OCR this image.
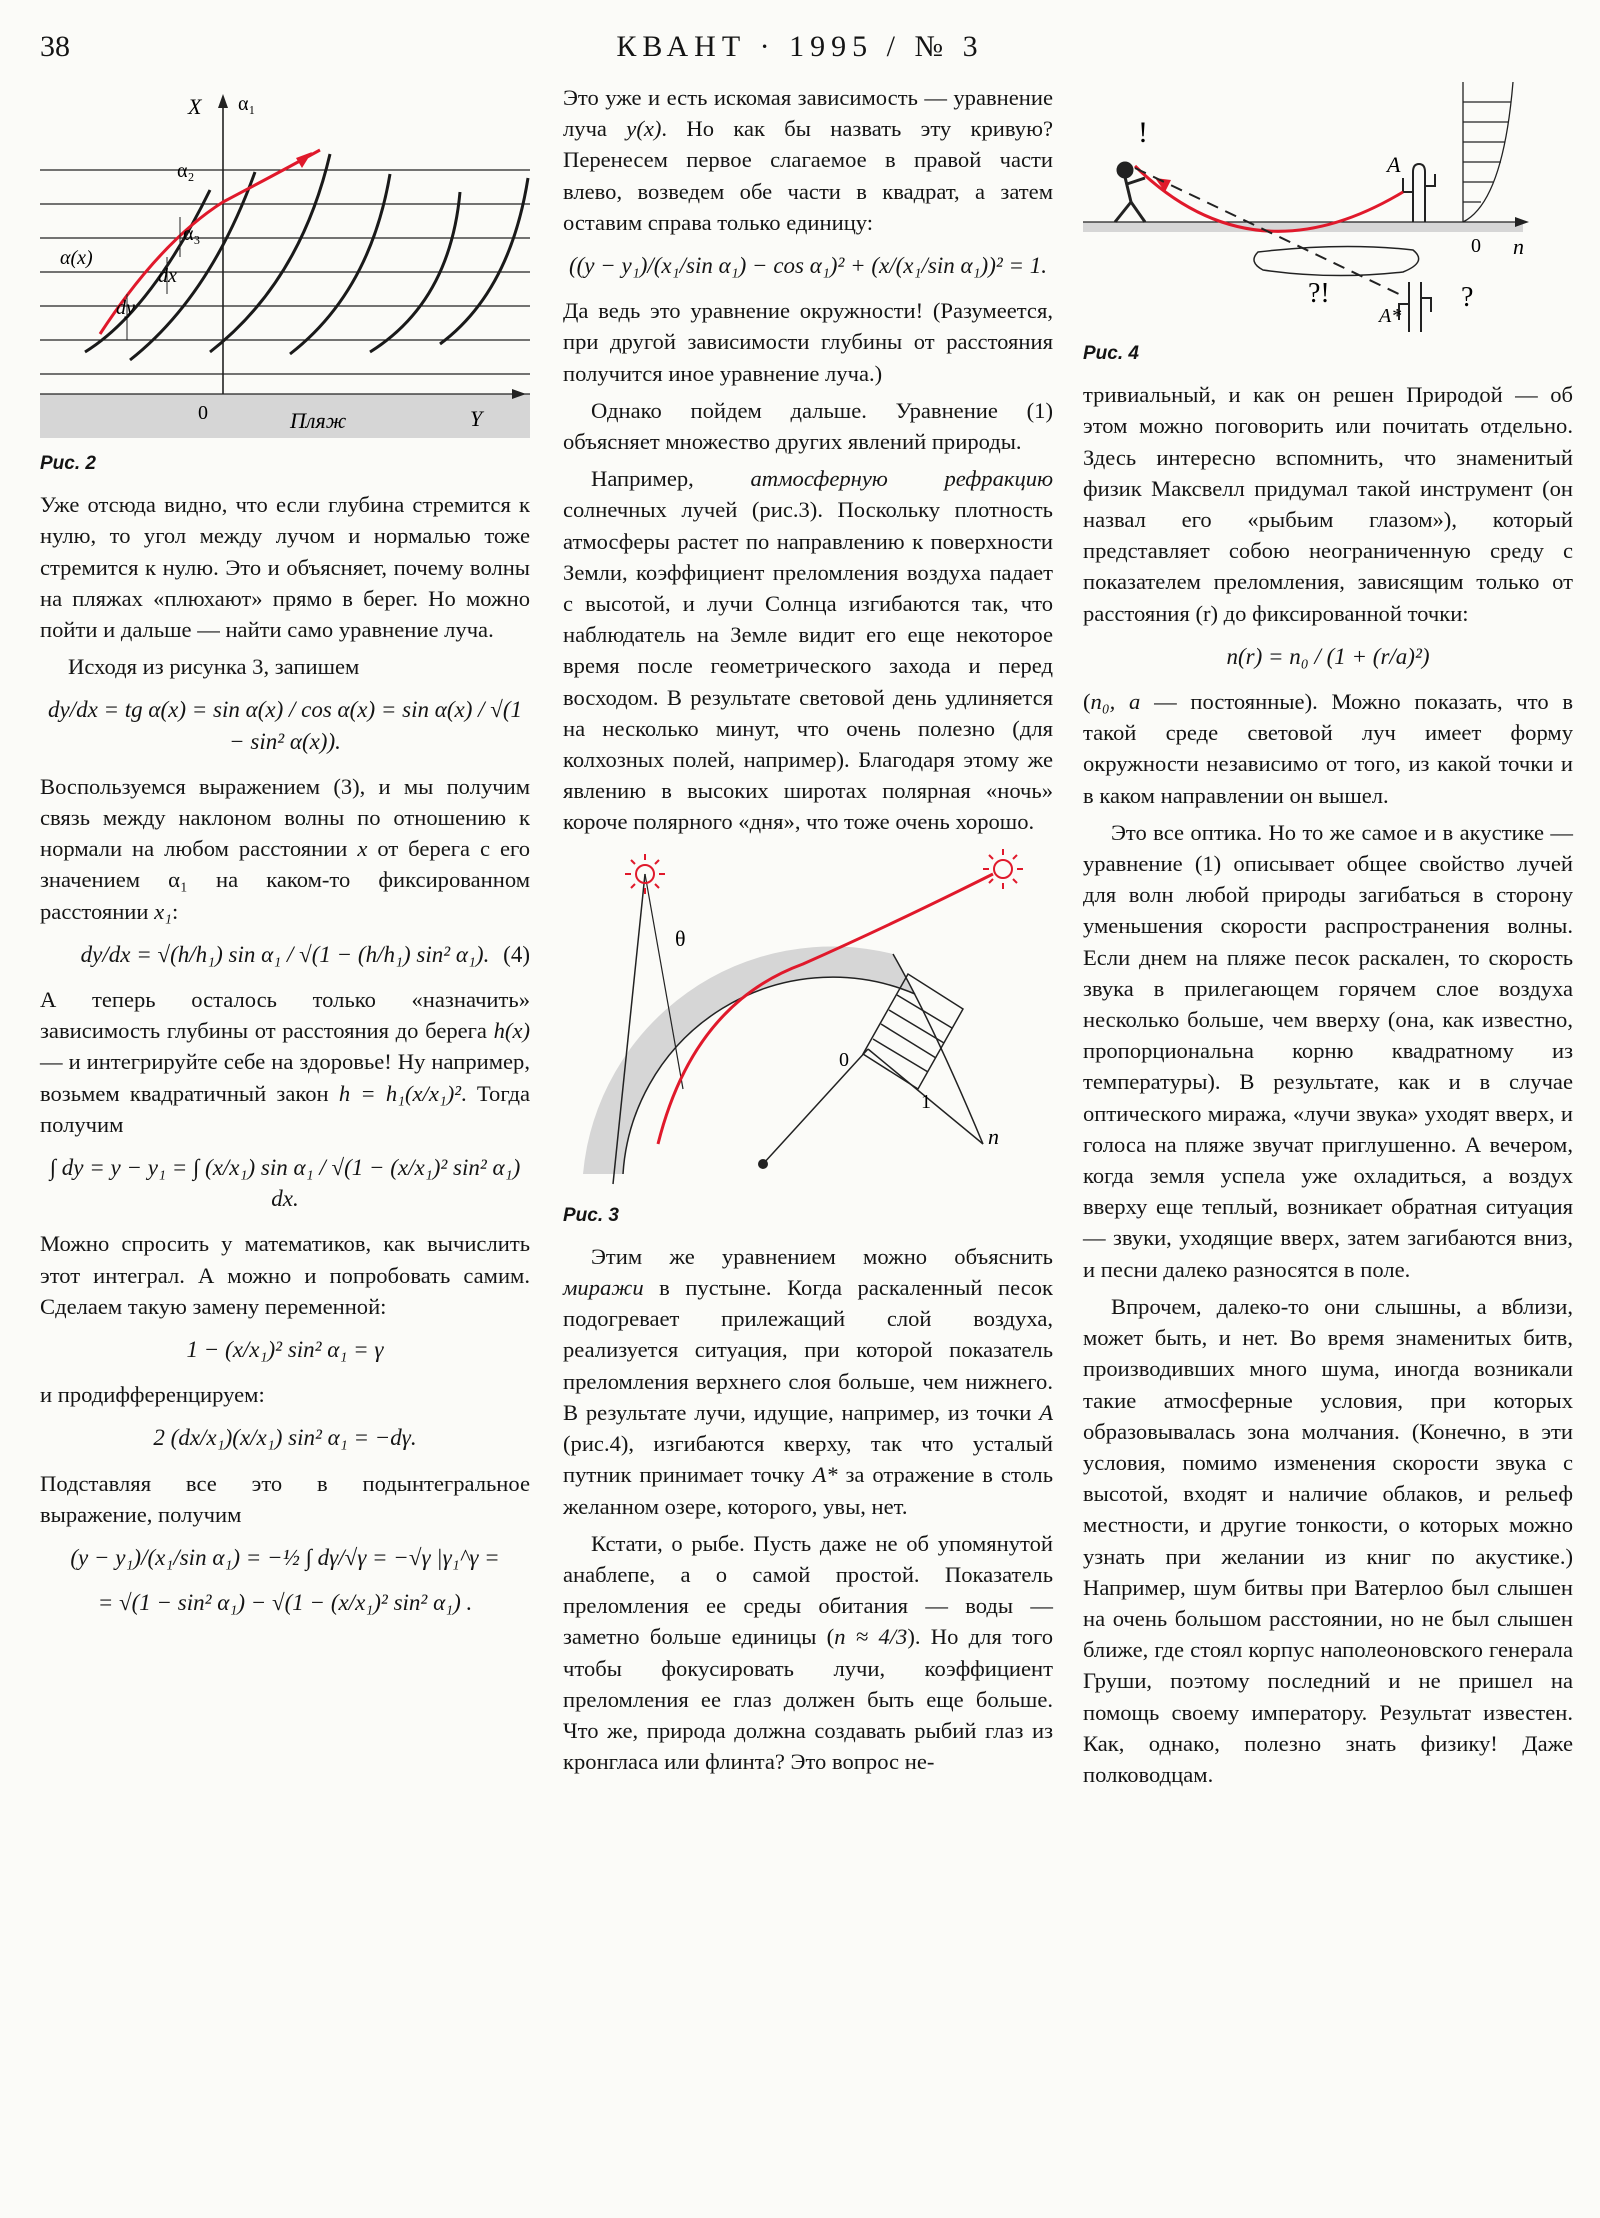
38	КВАНТ · 1995 / № 3
X α₁
α₂
α₃
α(x)
dx
dy
0	Пляж	Y
Рис. 2

Уже отсюда видно, что если глубина стремится к нулю, то угол между лучом и нормалью тоже стремится к нулю. Это и объясняет, почему волны на пляжах «плюхают» прямо в берег. Но можно пойти и дальше — найти само уравнение луча.

Исходя из рисунка 3, запишем

dy/dx = tg α(x) = sin α(x) / cos α(x) = sin α(x) / √(1 − sin² α(x)).

Воспользуемся выражением (3), и мы получим связь между наклоном волны по отношению к нормали на любом расстоянии x от берега с его значением α₁ на каком-то фиксированном расстоянии x₁:

dy/dx = √(h/h₁) sin α₁ / √(1 − (h/h₁) sin² α₁). (4)

А теперь осталось только «назначить» зависимость глубины от расстояния до берега h(x) — и интегрируйте себе на здоровье! Ну например, возьмем квадратичный закон h = h₁(x/x₁)². Тогда получим

∫ dy = y − y₁ = ∫ (x/x₁) sin α₁ / √(1 − (x/x₁)² sin² α₁) dx.

Можно спросить у математиков, как вычислить этот интеграл. А можно и попробовать самим. Сделаем такую замену переменной:

1 − (x/x₁)² sin² α₁ = γ

и продифференцируем:

2 (dx/x₁)(x/x₁) sin² α₁ = −dγ.

Подставляя все это в подынтегральное выражение, получим

(y − y₁)/(x₁/sin α₁) = −½ ∫ dγ/√γ = −√γ |γ₁^γ =
= √(1 − sin² α₁) − √(1 − (x/x₁)² sin² α₁) .

Это уже и есть искомая зависимость — уравнение луча y(x). Но как бы назвать эту кривую? Перенесем первое слагаемое в правой части влево, возведем обе части в квадрат, а затем оставим справа только единицу:

((y − y₁)/(x₁/sin α₁) − cos α₁)² + (x/(x₁/sin α₁))² = 1.

Да ведь это уравнение окружности! (Разумеется, при другой зависимости глубины от расстояния получится иное уравнение луча.)

Однако пойдем дальше. Уравнение (1) объясняет множество других явлений природы.

Например,	атмосферную рефракцию солнечных лучей (рис.3). Поскольку плотность атмосферы растет по направлению к поверхности Земли, коэффициент преломления воздуха падает с высотой, и лучи Солнца изгибаются так, что наблюдатель на Земле видит его еще некоторое время после геометрического захода и перед восходом. В результате световой день удлиняется на несколько минут, что очень полезно (для колхозных полей, например). Благодаря этому же явлению в высоких широтах полярная «ночь» короче полярного «дня», что тоже очень хорошо.

θ
0
1
n
Рис. 3

Этим же уравнением можно объяснить миражи в пустыне. Когда раскаленный песок подогревает прилежащий слой воздуха, реализуется ситуация, при которой показатель преломления верхнего слоя больше, чем нижнего. В результате лучи, идущие, например, из точки A (рис.4), изгибаются кверху, так что усталый путник принимает точку A* за отражение в столь желанном озере, которого, увы, нет.

Кстати, о рыбе. Пусть даже не об упомянутой анаблепе, а о самой простой. Показатель преломления ее среды обитания — воды — заметно больше единицы (n ≈ 4/3). Но для того чтобы фокусировать лучи, коэффициент преломления ее глаз должен быть еще больше. Что же, природа должна создавать рыбий глаз из кронгласа или флинта? Это вопрос не-

!
A
?!
0 n
A*
?
Рис. 4

тривиальный, и как он решен Природой — об этом можно поговорить или почитать отдельно. Здесь интересно вспомнить, что знаменитый физик Максвелл придумал такой инструмент (он назвал его «рыбьим глазом»), который представляет собою неограниченную среду с показателем преломления, зависящим только от расстояния (r) до фиксированной точки:

n(r) = n₀ / (1 + (r/a)²)

(n₀, a — постоянные). Можно показать, что в такой среде световой луч имеет форму окружности независимо от того, из какой точки и в каком направлении он вышел.

Это все оптика. Но то же самое и в акустике — уравнение (1) описывает общее свойство лучей для волн любой природы загибаться в сторону уменьшения скорости распространения волны. Если днем на пляже песок раскален, то скорость звука в прилегающем горячем слое воздуха несколько больше, чем вверху (она, как известно, пропорциональна корню квадратному из температуры). В результате, как и в случае оптического миража, «лучи звука» уходят вверх, и голоса на пляже звучат приглушенно. А вечером, когда земля успела уже охладиться, а воздух вверху еще теплый, возникает обратная ситуация — звуки, уходящие вверх, затем загибаются вниз, и песни далеко разносятся в поле.

Впрочем, далеко-то они слышны, а вблизи, может быть, и нет. Во время знаменитых битв, производивших много шума, иногда возникали такие атмосферные условия, при которых образовывалась зона молчания. (Конечно, в эти условия, помимо изменения скорости звука с высотой, входят и наличие облаков, и рельеф местности, и другие тонкости, о которых можно узнать при желании из книг по акустике.) Например, шум битвы при Ватерлоо был слышен на очень большом расстоянии, но не был слышен ближе, где стоял корпус наполеоновского генерала Груши, поэтому последний и не пришел на помощь своему императору. Результат известен. Как, однако, полезно знать физику! Даже полководцам.
